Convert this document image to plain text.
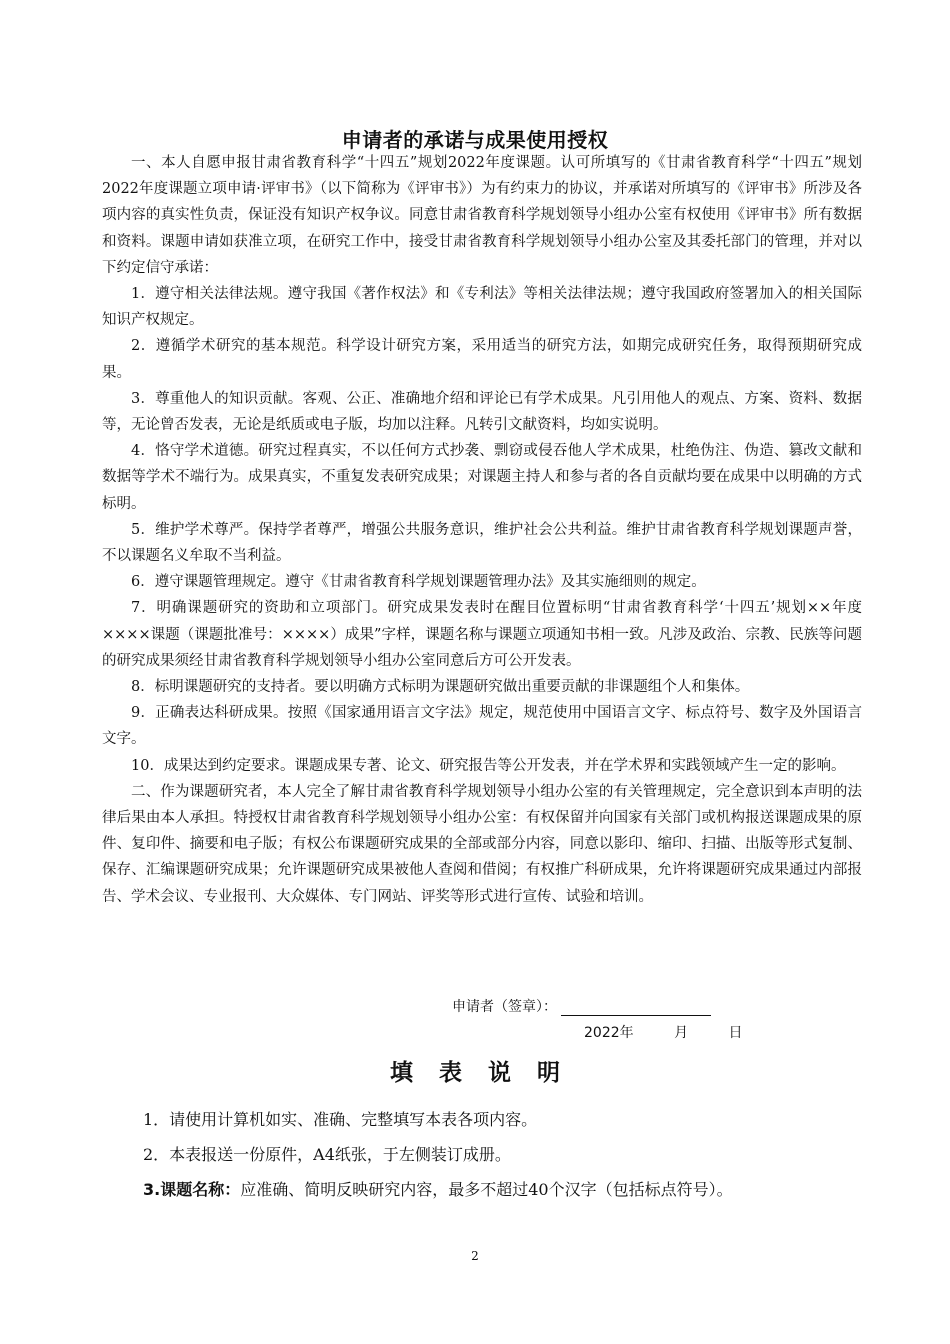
申请者的承诺与成果使用授权

一、本人自愿申报甘肃省教育科学“十四五”规划2022年度课题。认可所填写的《甘肃省教育科学“十四五”规划2022年度课题立项申请·评审书》（以下简称为《评审书》）为有约束力的协议，并承诺对所填写的《评审书》所涉及各项内容的真实性负责，保证没有知识产权争议。同意甘肃省教育科学规划领导小组办公室有权使用《评审书》所有数据和资料。课题申请如获准立项，在研究工作中，接受甘肃省教育科学规划领导小组办公室及其委托部门的管理，并对以下约定信守承诺：

1．遵守相关法律法规。遵守我国《著作权法》和《专利法》等相关法律法规；遵守我国政府签署加入的相关国际知识产权规定。

2．遵循学术研究的基本规范。科学设计研究方案，采用适当的研究方法，如期完成研究任务，取得预期研究成果。

3．尊重他人的知识贡献。客观、公正、准确地介绍和评论已有学术成果。凡引用他人的观点、方案、资料、数据等，无论曾否发表，无论是纸质或电子版，均加以注释。凡转引文献资料，均如实说明。

4．恪守学术道德。研究过程真实，不以任何方式抄袭、剽窃或侵吞他人学术成果，杜绝伪注、伪造、篡改文献和数据等学术不端行为。成果真实，不重复发表研究成果；对课题主持人和参与者的各自贡献均要在成果中以明确的方式标明。

5．维护学术尊严。保持学者尊严，增强公共服务意识，维护社会公共利益。维护甘肃省教育科学规划课题声誉，不以课题名义牟取不当利益。

6．遵守课题管理规定。遵守《甘肃省教育科学规划课题管理办法》及其实施细则的规定。

7．明确课题研究的资助和立项部门。研究成果发表时在醒目位置标明“甘肃省教育科学‘十四五’规划××年度××××课题（课题批准号：××××）成果”字样，课题名称与课题立项通知书相一致。凡涉及政治、宗教、民族等问题的研究成果须经甘肃省教育科学规划领导小组办公室同意后方可公开发表。

8．标明课题研究的支持者。要以明确方式标明为课题研究做出重要贡献的非课题组个人和集体。

9．正确表达科研成果。按照《国家通用语言文字法》规定，规范使用中国语言文字、标点符号、数字及外国语言文字。

10．成果达到约定要求。课题成果专著、论文、研究报告等公开发表，并在学术界和实践领域产生一定的影响。

二、作为课题研究者，本人完全了解甘肃省教育科学规划领导小组办公室的有关管理规定，完全意识到本声明的法律后果由本人承担。特授权甘肃省教育科学规划领导小组办公室：有权保留并向国家有关部门或机构报送课题成果的原件、复印件、摘要和电子版；有权公布课题研究成果的全部或部分内容，同意以影印、缩印、扫描、出版等形式复制、保存、汇编课题研究成果；允许课题研究成果被他人查阅和借阅；有权推广科研成果，允许将课题研究成果通过内部报告、学术会议、专业报刊、大众媒体、专门网站、评奖等形式进行宣传、试验和培训。

申请者（签章）：
2022年	月	日
填表说明

1．请使用计算机如实、准确、完整填写本表各项内容。

2．本表报送一份原件，A4纸张，于左侧装订成册。

3.课题名称：应准确、简明反映研究内容，最多不超过40个汉字（包括标点符号）。

2
